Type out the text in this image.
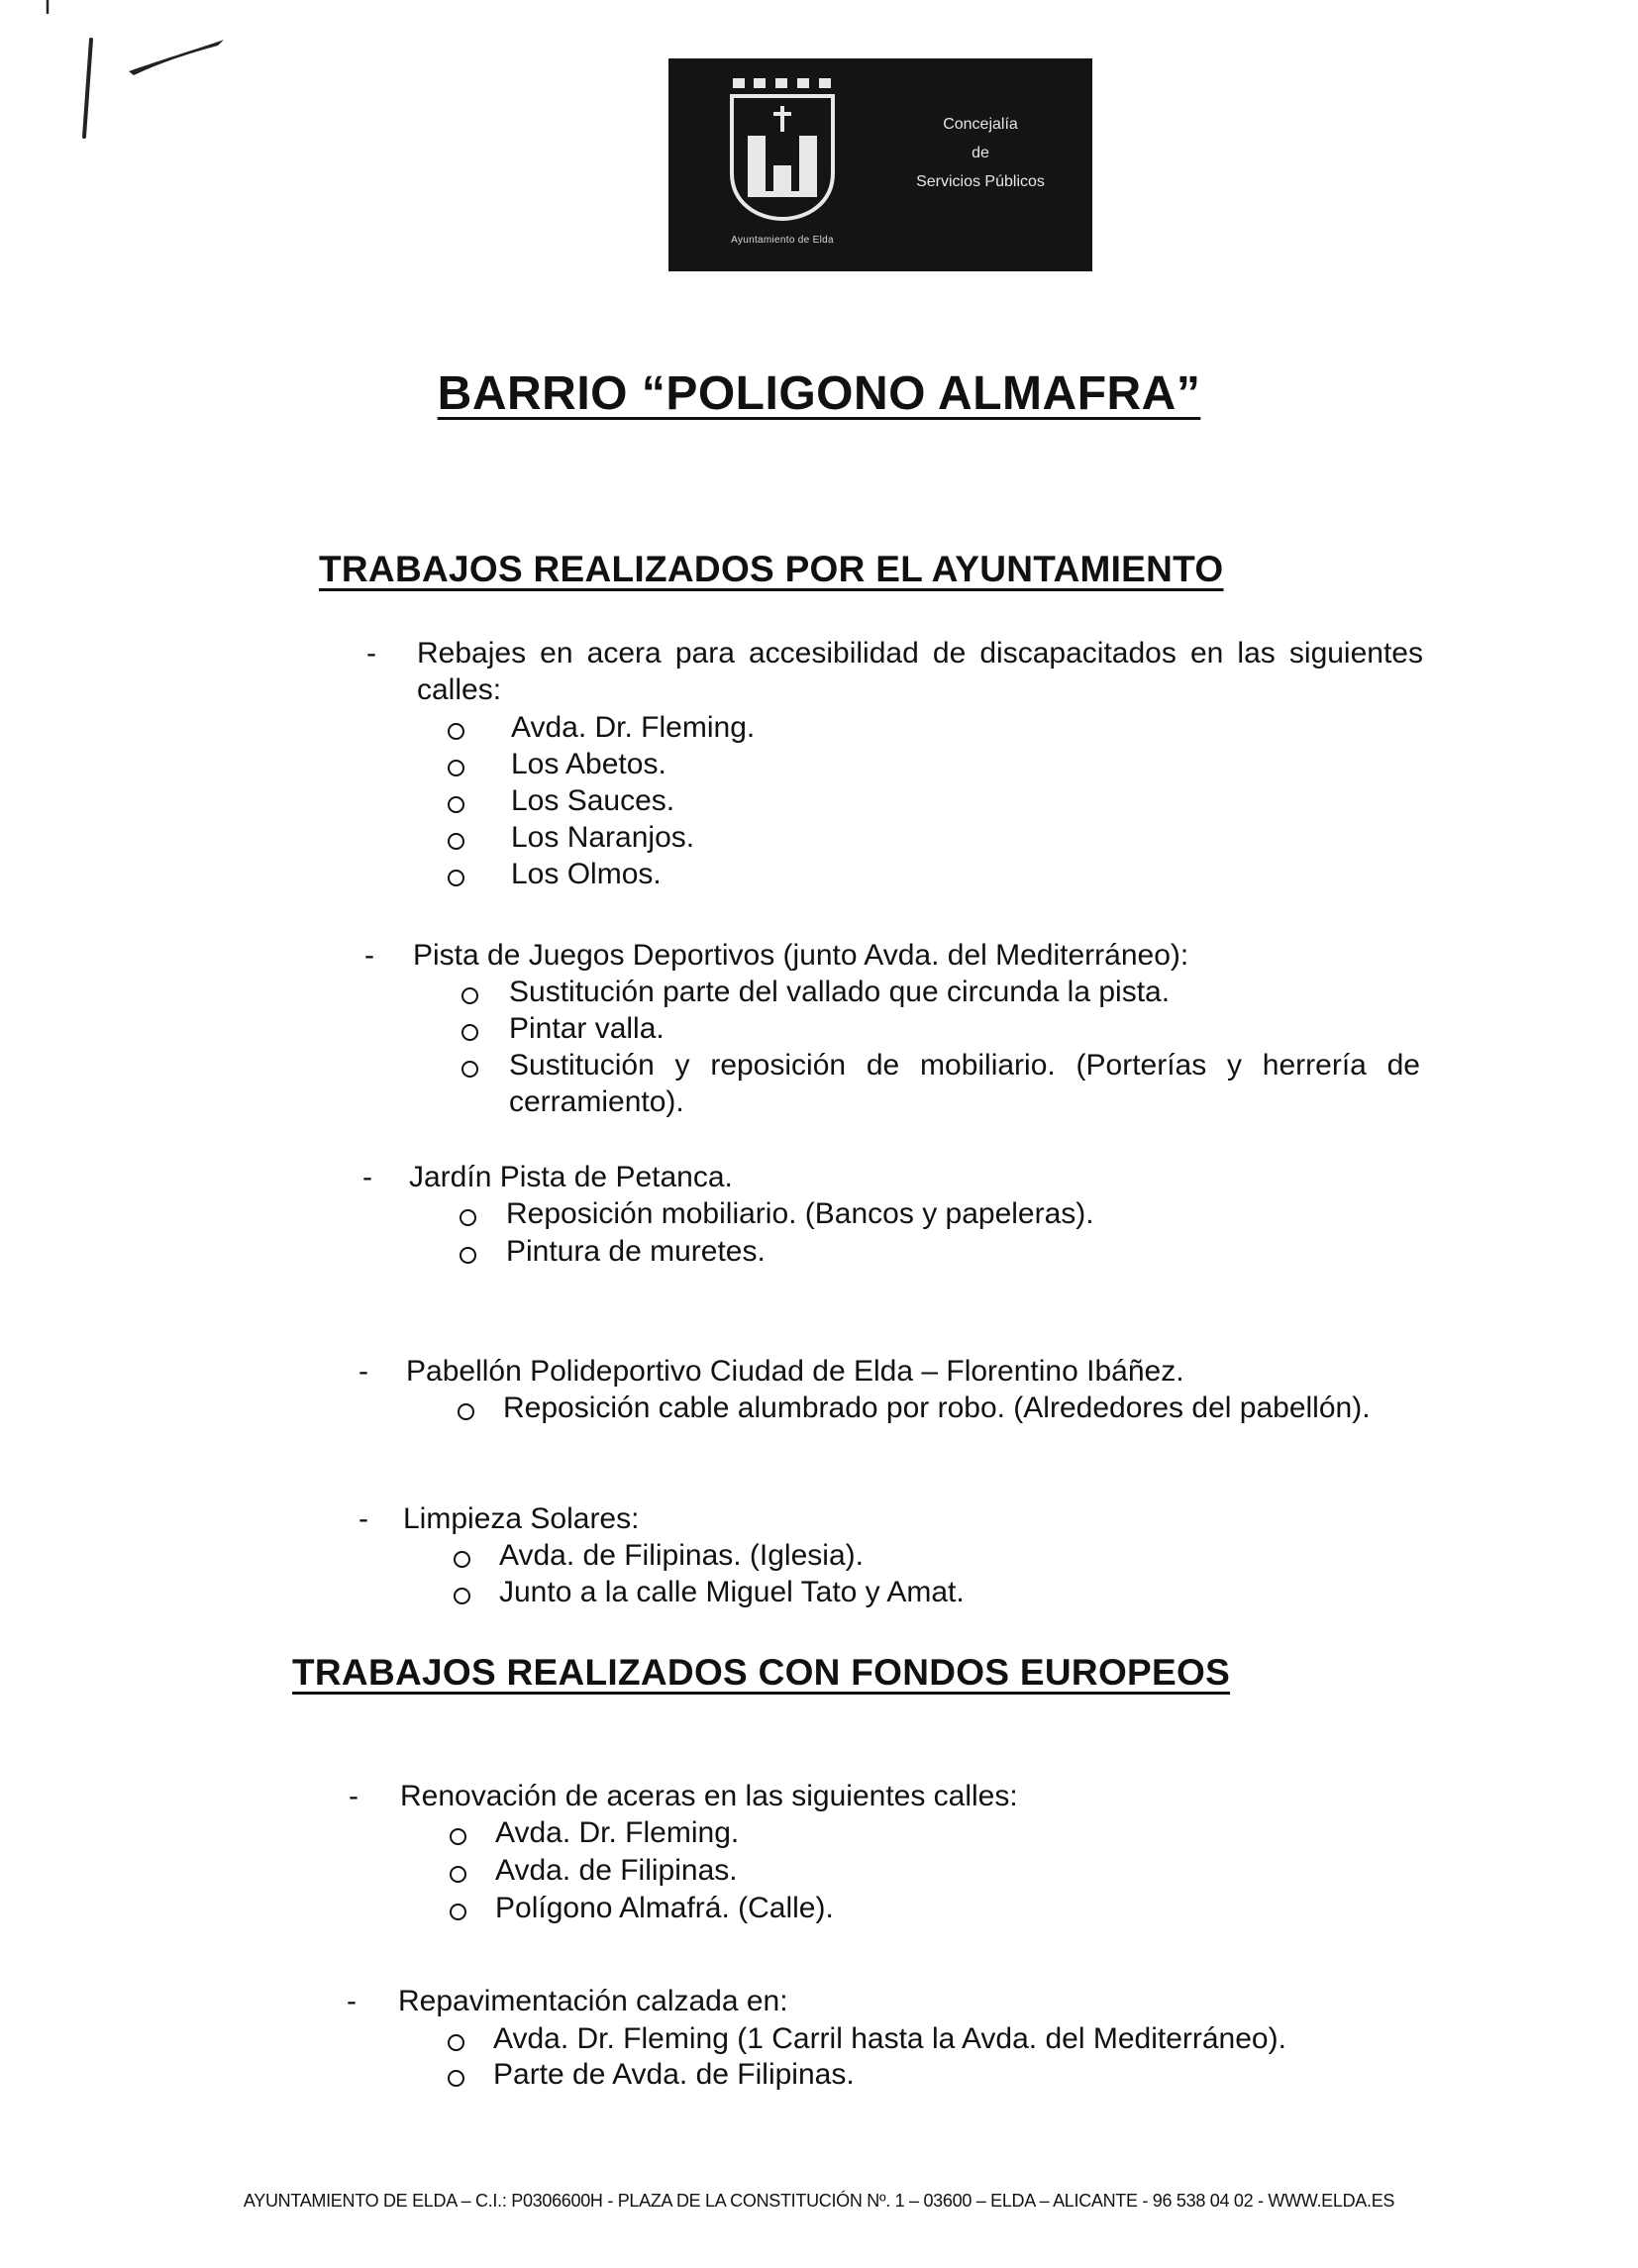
Ayuntamiento de Elda
Concejalía
de
Servicios Públicos
BARRIO “POLIGONO ALMAFRA”
TRABAJOS REALIZADOS POR EL AYUNTAMIENTO
-	Rebajes en acera para accesibilidad de discapacitados en las siguientes calles:
Avda. Dr. Fleming.
Los Abetos.
Los Sauces.
Los Naranjos.
Los Olmos.
-	Pista de Juegos Deportivos (junto Avda. del Mediterráneo):
Sustitución parte del vallado que circunda la pista.
Pintar valla.
Sustitución y reposición de mobiliario. (Porterías y herrería de cerramiento).
-	Jardín Pista de Petanca.
Reposición mobiliario. (Bancos y papeleras).
Pintura de muretes.
-	Pabellón Polideportivo Ciudad de Elda – Florentino Ibáñez.
Reposición cable alumbrado por robo. (Alrededores del pabellón).
-	Limpieza Solares:
Avda. de Filipinas. (Iglesia).
Junto a la calle Miguel Tato y Amat.
TRABAJOS REALIZADOS CON FONDOS EUROPEOS
-	Renovación de aceras en las siguientes calles:
Avda. Dr. Fleming.
Avda. de Filipinas.
Polígono Almafrá. (Calle).
-	Repavimentación calzada en:
Avda. Dr. Fleming (1 Carril hasta la Avda. del Mediterráneo).
Parte de Avda. de Filipinas.
AYUNTAMIENTO DE ELDA – C.I.: P0306600H - PLAZA DE LA CONSTITUCIÓN Nº. 1 – 03600 – ELDA – ALICANTE - 96 538 04 02 - WWW.ELDA.ES
